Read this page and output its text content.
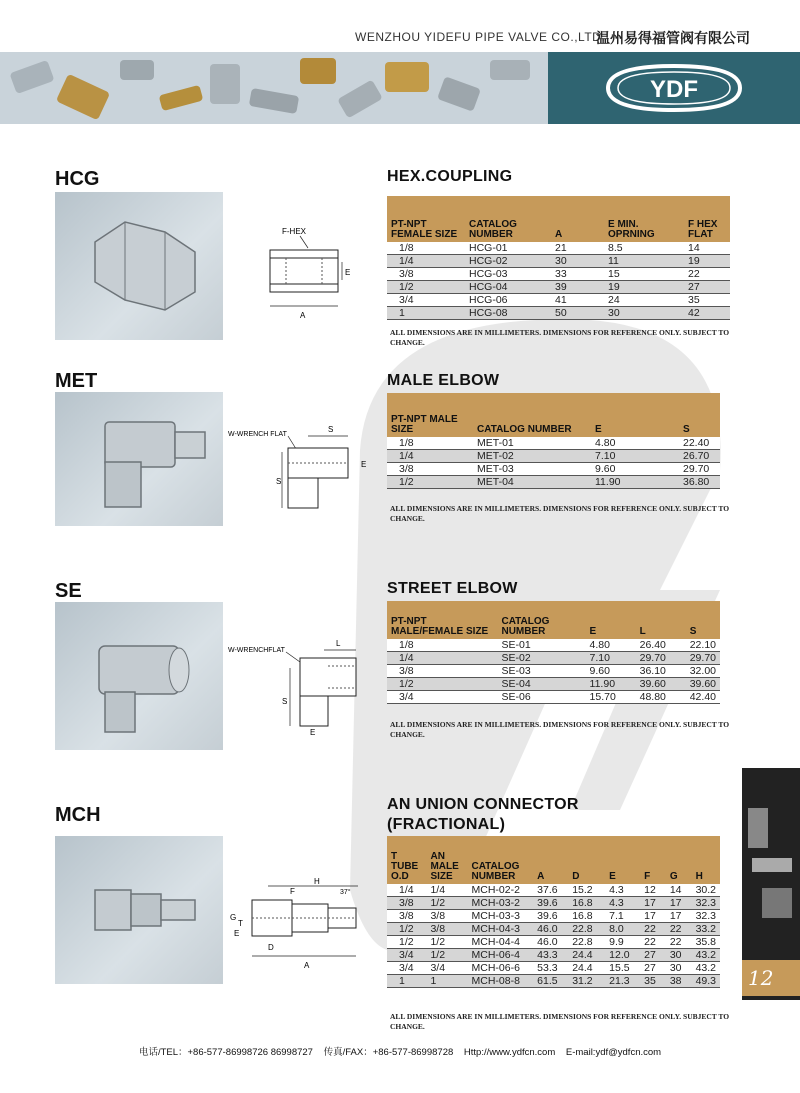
WENZHOU YIDEFU PIPE VALVE CO.,LTD.
温州易得福管阀有限公司
YDF
12
HCG	HEX.COUPLING
F-HEX
E
A
PT-NPT FEMALE SIZE	CATALOG NUMBER	A	E MIN. OPRNING	F HEX FLAT
1/8	HCG-01	21	8.5	14
1/4	HCG-02	30	11	19
3/8	HCG-03	33	15	22
1/2	HCG-04	39	19	27
3/4	HCG-06	41	24	35
1	HCG-08	50	30	42
ALL DIMENSIONS ARE IN MILLIMETERS. DIMENSIONS FOR REFERENCE ONLY. SUBJECT TO CHANGE.
MET	MALE ELBOW
W-WRENCH FLAT
S
E
S
PT-NPT MALE SIZE	CATALOG NUMBER	E	S
1/8	MET-01	4.80	22.40
1/4	MET-02	7.10	26.70
3/8	MET-03	9.60	29.70
1/2	MET-04	11.90	36.80
ALL DIMENSIONS ARE IN MILLIMETERS. DIMENSIONS FOR REFERENCE ONLY. SUBJECT TO CHANGE.
SE	STREET ELBOW
W-WRENCHFLAT
L
S
E
PT-NPT MALE/FEMALE SIZE	CATALOG NUMBER	E	L	S
1/8	SE-01	4.80	26.40	22.10
1/4	SE-02	7.10	29.70	29.70
3/8	SE-03	9.60	36.10	32.00
1/2	SE-04	11.90	39.60	39.60
3/4	SE-06	15.70	48.80	42.40
ALL DIMENSIONS ARE IN MILLIMETERS. DIMENSIONS FOR REFERENCE ONLY. SUBJECT TO CHANGE.
MCH	AN UNION CONNECTOR
(FRACTIONAL)
H
F	37°
G
T
E
D
A
T TUBE O.D	AN MALE SIZE	CATALOG NUMBER	A	D	E	F	G	H
1/4	1/4	MCH-02-2	37.6	15.2	4.3	12	14	30.2
3/8	1/2	MCH-03-2	39.6	16.8	4.3	17	17	32.3
3/8	3/8	MCH-03-3	39.6	16.8	7.1	17	17	32.3
1/2	3/8	MCH-04-3	46.0	22.8	8.0	22	22	33.2
1/2	1/2	MCH-04-4	46.0	22.8	9.9	22	22	35.8
3/4	1/2	MCH-06-4	43.3	24.4	12.0	27	30	43.2
3/4	3/4	MCH-06-6	53.3	24.4	15.5	27	30	43.2
1	1	MCH-08-8	61.5	31.2	21.3	35	38	49.3
ALL DIMENSIONS ARE IN MILLIMETERS. DIMENSIONS FOR REFERENCE ONLY. SUBJECT TO CHANGE.
电话/TEL：+86-577-86998726 86998727 传真/FAX：+86-577-86998728 Http://www.ydfcn.com E-mail:ydf@ydfcn.com
